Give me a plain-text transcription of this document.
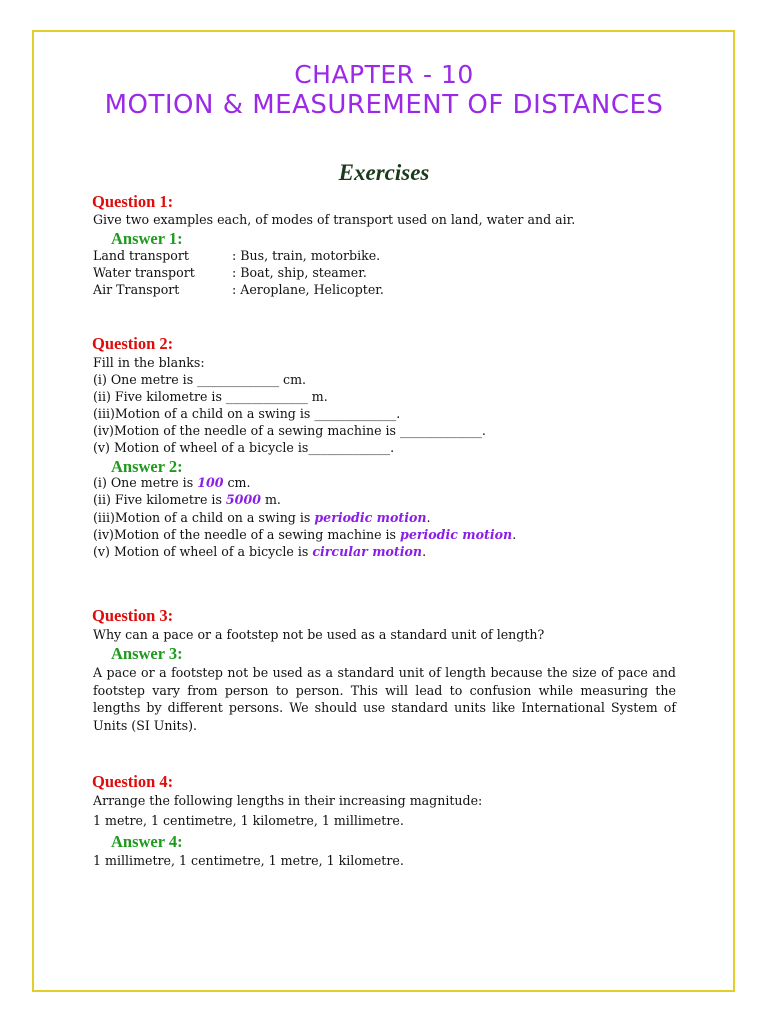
CHAPTER - 10
MOTION & MEASUREMENT OF DISTANCES
Exercises
Question 1:
Give two examples each, of modes of transport used on land, water and air.
Answer 1:
Land transport	: Bus, train, motorbike.
Water transport	: Boat, ship, steamer.
Air Transport	: Aeroplane, Helicopter.
Question 2:
Fill in the blanks:
(i) One metre is _____________ cm.
(ii) Five kilometre is _____________ m.
(iii)Motion of a child on a swing is _____________.
(iv)Motion of the needle of a sewing machine is _____________.
(v) Motion of wheel of a bicycle is_____________.
Answer 2:
(i) One metre is 100 cm.
(ii) Five kilometre is 5000 m.
(iii)Motion of a child on a swing is periodic motion.
(iv)Motion of the needle of a sewing machine is periodic motion.
(v) Motion of wheel of a bicycle is circular motion.
Question 3:
Why can a pace or a footstep not be used as a standard unit of length?
Answer 3:
A pace or a footstep not be used as a standard unit of length because the size of pace and footstep vary from person to person. This will lead to confusion while measuring the lengths by different persons. We should use standard units like International System of Units (SI Units).
Question 4:
Arrange the following lengths in their increasing magnitude:
1 metre, 1 centimetre, 1 kilometre, 1 millimetre.
Answer 4:
1 millimetre, 1 centimetre, 1 metre, 1 kilometre.
